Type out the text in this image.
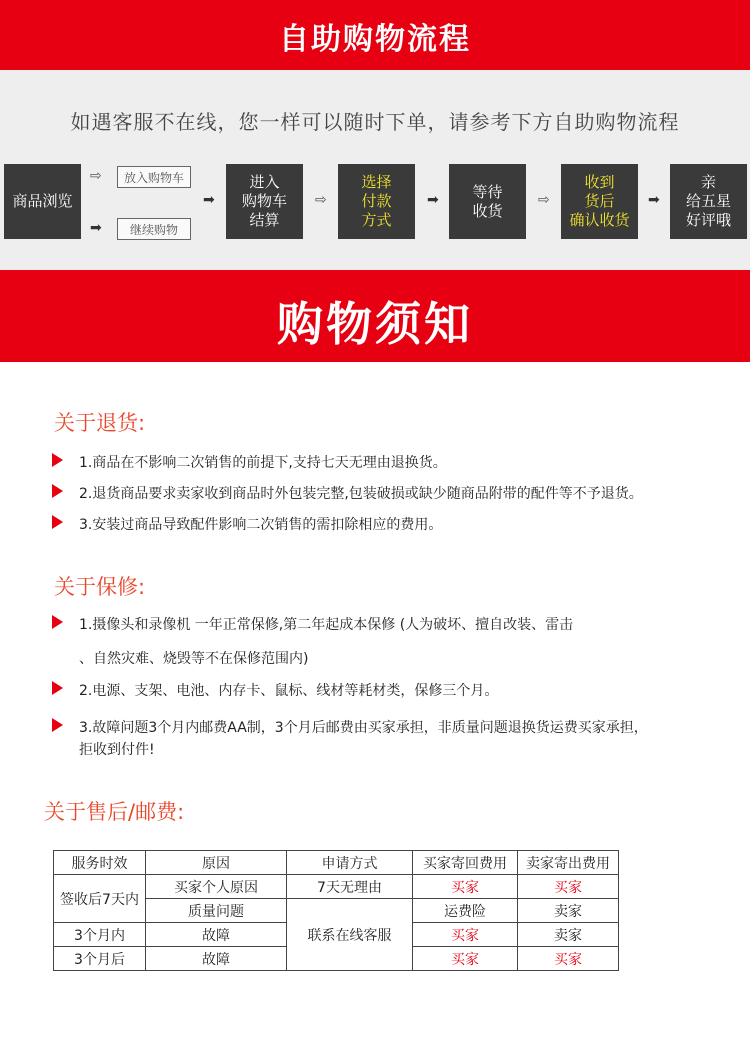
自助购物流程
如遇客服不在线，您一样可以随时下单，请参考下方自助购物流程
商品浏览
⇨	放入购物车
➡	继续购物
➡
进入
购物车
结算
⇨
选择
付款
方式
➡	等待
收货
⇨
收到
货后
确认收货
➡
亲
给五星
好评哦
购物须知
关于退货:
1.商品在不影响二次销售的前提下,支持七天无理由退换货。
2.退货商品要求卖家收到商品时外包装完整,包装破损或缺少随商品附带的配件等不予退货。
3.安装过商品导致配件影响二次销售的需扣除相应的费用。
关于保修:
1.摄像头和录像机 一年正常保修,第二年起成本保修 (人为破坏、擅自改装、雷击
、自然灾难、烧毁等不在保修范围内)
2.电源、支架、电池、内存卡、鼠标、线材等耗材类，保修三个月。
3.故障问题3个月内邮费AA制，3个月后邮费由买家承担，非质量问题退换货运费买家承担，
拒收到付件!
关于售后/邮费:
服务时效	原因	申请方式	买家寄回费用	卖家寄出费用
签收后7天内	买家个人原因	7天无理由	买家	买家
	质量问题	联系在线客服	运费险	卖家
3个月内	故障		买家	卖家
3个月后	故障		买家	买家
